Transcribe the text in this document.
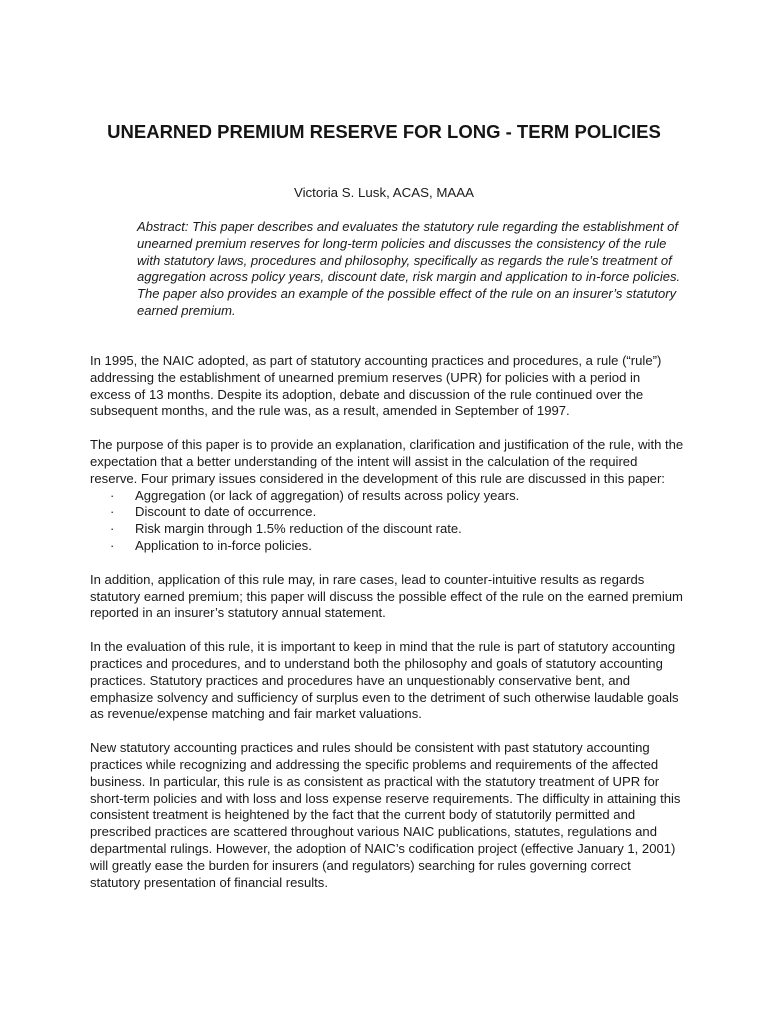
UNEARNED PREMIUM RESERVE FOR LONG - TERM POLICIES

Victoria S. Lusk, ACAS, MAAA

Abstract: This paper describes and evaluates the statutory rule regarding the establishment of unearned premium reserves for long-term policies and discusses the consistency of the rule with statutory laws, procedures and philosophy, specifically as regards the rule’s treatment of aggregation across policy years, discount date, risk margin and application to in-force policies. The paper also provides an example of the possible effect of the rule on an insurer’s statutory earned premium.

In 1995, the NAIC adopted, as part of statutory accounting practices and procedures, a rule (“rule”) addressing the establishment of unearned premium reserves (UPR) for policies with a period in excess of 13 months. Despite its adoption, debate and discussion of the rule continued over the subsequent months, and the rule was, as a result, amended in September of 1997.

The purpose of this paper is to provide an explanation, clarification and justification of the rule, with the expectation that a better understanding of the intent will assist in the calculation of the required reserve. Four primary issues considered in the development of this rule are discussed in this paper:

· Aggregation (or lack of aggregation) of results across policy years.
· Discount to date of occurrence.
· Risk margin through 1.5% reduction of the discount rate.
· Application to in-force policies.

In addition, application of this rule may, in rare cases, lead to counter-intuitive results as regards statutory earned premium; this paper will discuss the possible effect of the rule on the earned premium reported in an insurer’s statutory annual statement.

In the evaluation of this rule, it is important to keep in mind that the rule is part of statutory accounting practices and procedures, and to understand both the philosophy and goals of statutory accounting practices. Statutory practices and procedures have an unquestionably conservative bent, and emphasize solvency and sufficiency of surplus even to the detriment of such otherwise laudable goals as revenue/expense matching and fair market valuations.

New statutory accounting practices and rules should be consistent with past statutory accounting practices while recognizing and addressing the specific problems and requirements of the affected business. In particular, this rule is as consistent as practical with the statutory treatment of UPR for short-term policies and with loss and loss expense reserve requirements. The difficulty in attaining this consistent treatment is heightened by the fact that the current body of statutorily permitted and prescribed practices are scattered throughout various NAIC publications, statutes, regulations and departmental rulings. However, the adoption of NAIC’s codification project (effective January 1, 2001) will greatly ease the burden for insurers (and regulators) searching for rules governing correct statutory presentation of financial results.
